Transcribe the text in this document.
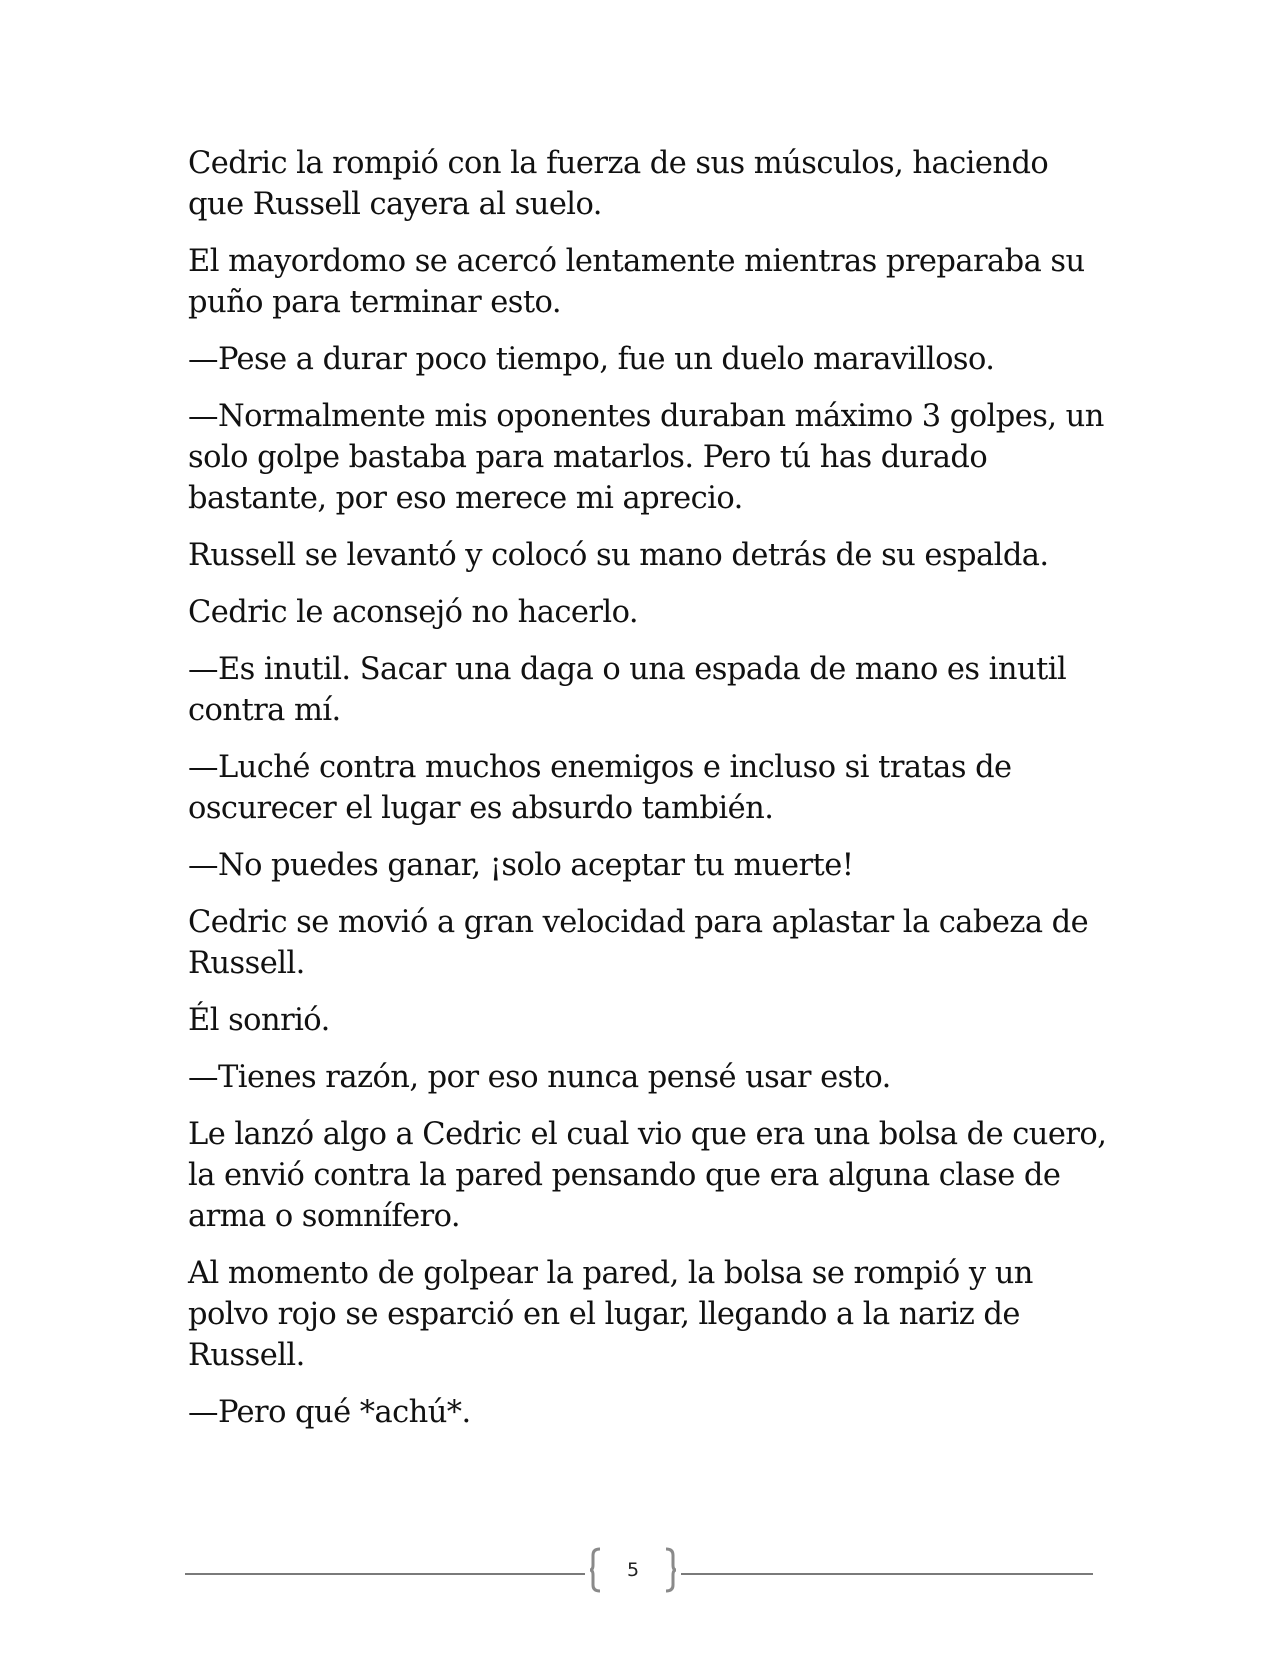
Cedric la rompió con la fuerza de sus músculos, haciendo que Russell cayera al suelo.

El mayordomo se acercó lentamente mientras preparaba su puño para terminar esto.

—Pese a durar poco tiempo, fue un duelo maravilloso.

—Normalmente mis oponentes duraban máximo 3 golpes, un solo golpe bastaba para matarlos. Pero tú has durado bastante, por eso merece mi aprecio.

Russell se levantó y colocó su mano detrás de su espalda.

Cedric le aconsejó no hacerlo.

—Es inutil. Sacar una daga o una espada de mano es inutil contra mí.

—Luché contra muchos enemigos e incluso si tratas de oscurecer el lugar es absurdo también.

—No puedes ganar, ¡solo aceptar tu muerte!

Cedric se movió a gran velocidad para aplastar la cabeza de Russell.

Él sonrió.

—Tienes razón, por eso nunca pensé usar esto.

Le lanzó algo a Cedric el cual vio que era una bolsa de cuero, la envió contra la pared pensando que era alguna clase de arma o somnífero.

Al momento de golpear la pared, la bolsa se rompió y un polvo rojo se esparció en el lugar, llegando a la nariz de Russell.

—Pero qué *achú*.

5
